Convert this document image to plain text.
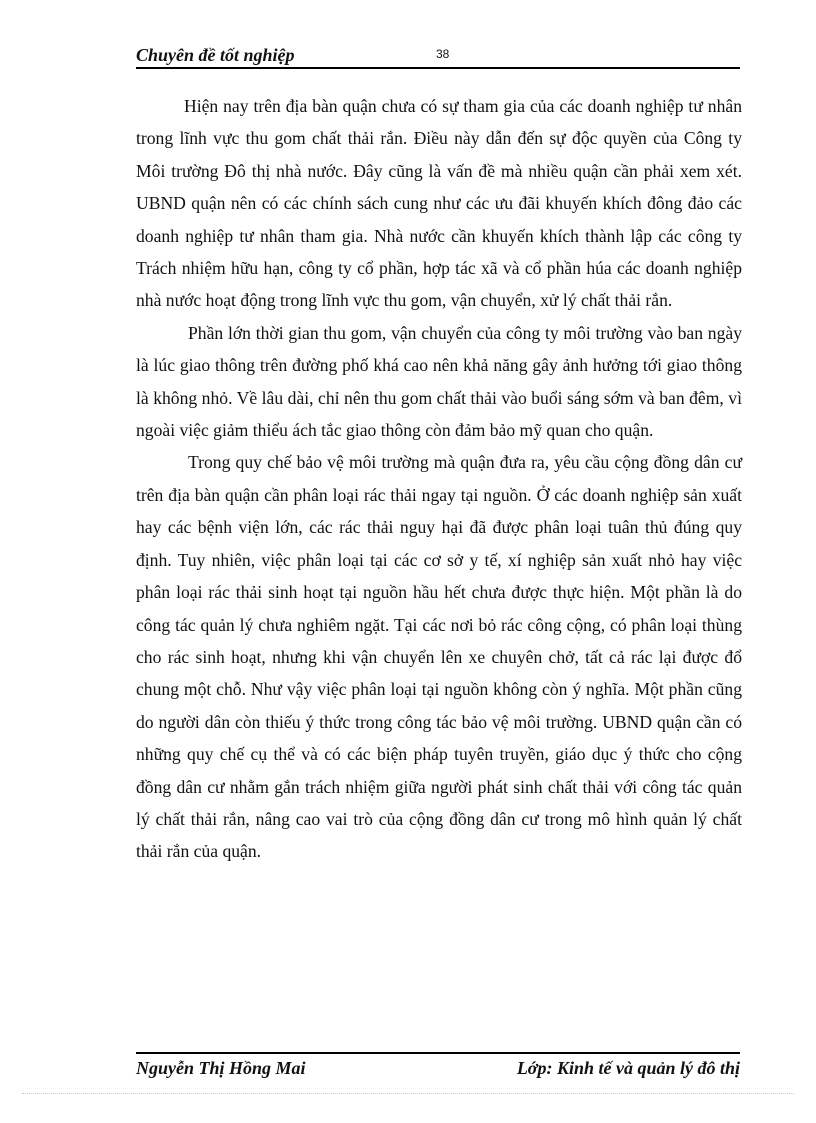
Chuyên đề tốt nghiệp	38

Hiện nay trên địa bàn quận chưa có sự tham gia của các doanh nghiệp tư nhân trong lĩnh vực thu gom chất thải rắn. Điều này dẫn đến sự độc quyền của Công ty Môi trường Đô thị nhà nước. Đây cũng là vấn đề mà nhiều quận cần phải xem xét. UBND quận nên có các chính sách cung như các ưu đãi khuyến khích đông đảo các doanh nghiệp tư nhân tham gia. Nhà nước cần khuyến khích thành lập các công ty Trách nhiệm hữu hạn, công ty cổ phần, hợp tác xã và cổ phần húa các doanh nghiệp nhà nước hoạt động trong lĩnh vực thu gom, vận chuyển, xử lý chất thải rắn.

Phần lớn thời gian thu gom, vận chuyển của công ty môi trường vào ban ngày là lúc giao thông trên đường phố khá cao nên khả năng gây ảnh hưởng tới giao thông là không nhỏ. Về lâu dài, chỉ nên thu gom chất thải vào buổi sáng sớm và ban đêm, vì ngoài việc giảm thiểu ách tắc giao thông còn đảm bảo mỹ quan cho quận.

Trong quy chế bảo vệ môi trường mà quận đưa ra, yêu cầu cộng đồng dân cư trên địa bàn quận cần phân loại rác thải ngay tại nguồn. Ở các doanh nghiệp sản xuất hay các bệnh viện lớn, các rác thải nguy hại đã được phân loại tuân thủ đúng quy định. Tuy nhiên, việc phân loại tại các cơ sở y tế, xí nghiệp sản xuất nhỏ hay việc phân loại rác thải sinh hoạt tại nguồn hầu hết chưa được thực hiện. Một phần là do công tác quản lý chưa nghiêm ngặt. Tại các nơi bỏ rác công cộng, có phân loại thùng cho rác sinh hoạt, nhưng khi vận chuyển lên xe chuyên chở, tất cả rác lại được đổ chung một chỗ. Như vậy việc phân loại tại nguồn không còn ý nghĩa. Một phần cũng do người dân còn thiếu ý thức trong công tác bảo vệ môi trường. UBND quận cần có những quy chế cụ thể và có các biện pháp tuyên truyền, giáo dục ý thức cho cộng đồng dân cư nhằm gắn trách nhiệm giữa người phát sinh chất thải với công tác quản lý chất thải rắn, nâng cao vai trò của cộng đồng dân cư trong mô hình quản lý chất thải rắn của quận.

Nguyễn Thị Hồng Mai	Lớp: Kinh tế và quản lý đô thị
